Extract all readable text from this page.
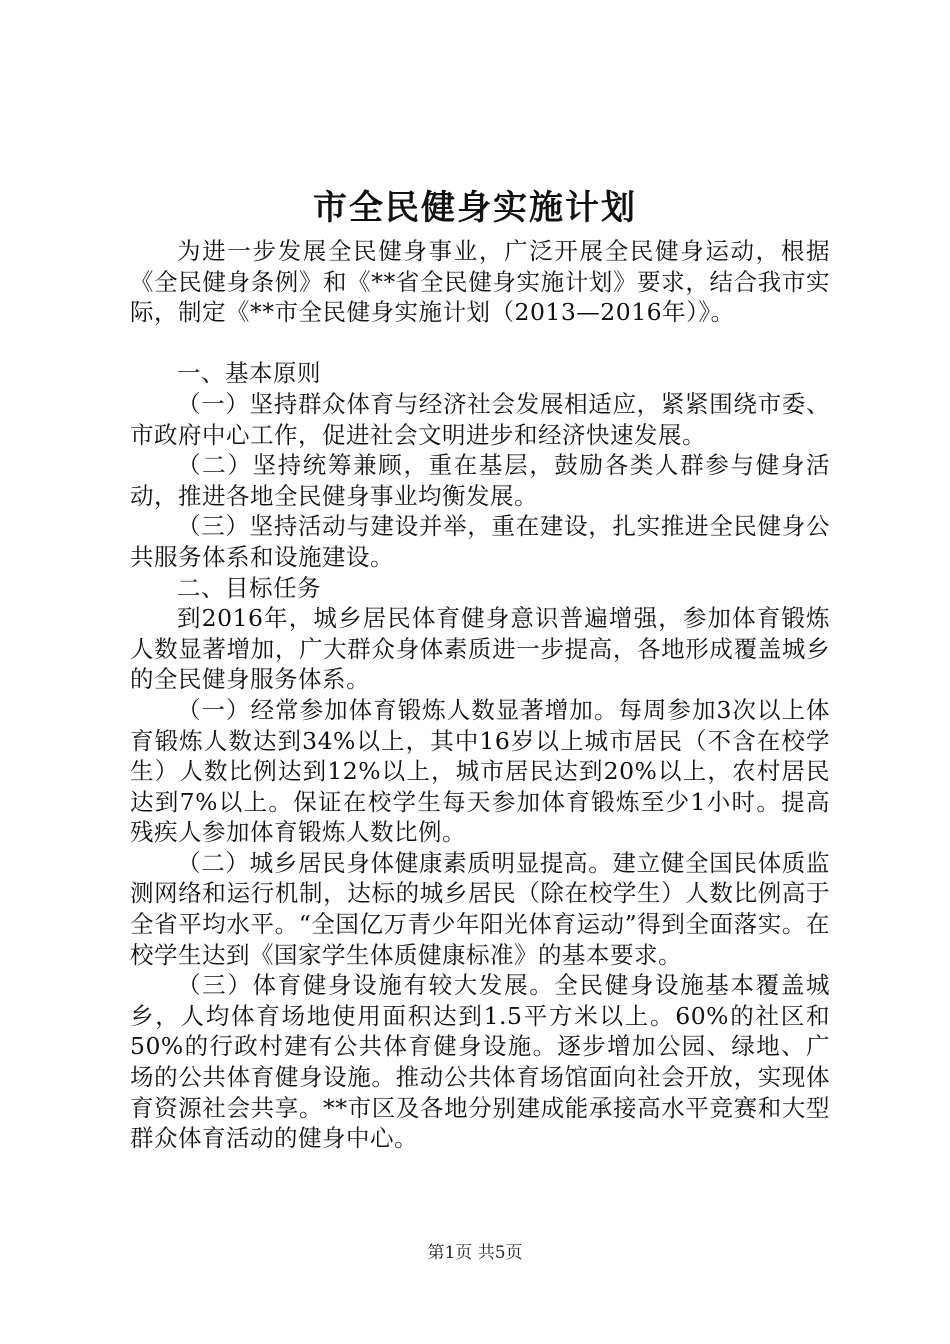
市全民健身实施计划

为进一步发展全民健身事业，广泛开展全民健身运动，根据《全民健身条例》和《**省全民健身实施计划》要求，结合我市实际，制定《**市全民健身实施计划（2013—2016年）》。

一、基本原则

（一）坚持群众体育与经济社会发展相适应，紧紧围绕市委、市政府中心工作，促进社会文明进步和经济快速发展。

（二）坚持统筹兼顾，重在基层，鼓励各类人群参与健身活动，推进各地全民健身事业均衡发展。

（三）坚持活动与建设并举，重在建设，扎实推进全民健身公共服务体系和设施建设。

二、目标任务

到2016年，城乡居民体育健身意识普遍增强，参加体育锻炼人数显著增加，广大群众身体素质进一步提高，各地形成覆盖城乡的全民健身服务体系。

（一）经常参加体育锻炼人数显著增加。每周参加3次以上体育锻炼人数达到34%以上，其中16岁以上城市居民（不含在校学生）人数比例达到12%以上，城市居民达到20%以上，农村居民达到7%以上。保证在校学生每天参加体育锻炼至少1小时。提高残疾人参加体育锻炼人数比例。

（二）城乡居民身体健康素质明显提高。建立健全国民体质监测网络和运行机制，达标的城乡居民（除在校学生）人数比例高于全省平均水平。“全国亿万青少年阳光体育运动”得到全面落实。在校学生达到《国家学生体质健康标准》的基本要求。

（三）体育健身设施有较大发展。全民健身设施基本覆盖城乡，人均体育场地使用面积达到1.5平方米以上。60%的社区和50%的行政村建有公共体育健身设施。逐步增加公园、绿地、广场的公共体育健身设施。推动公共体育场馆面向社会开放，实现体育资源社会共享。**市区及各地分别建成能承接高水平竞赛和大型群众体育活动的健身中心。

第1页 共5页
